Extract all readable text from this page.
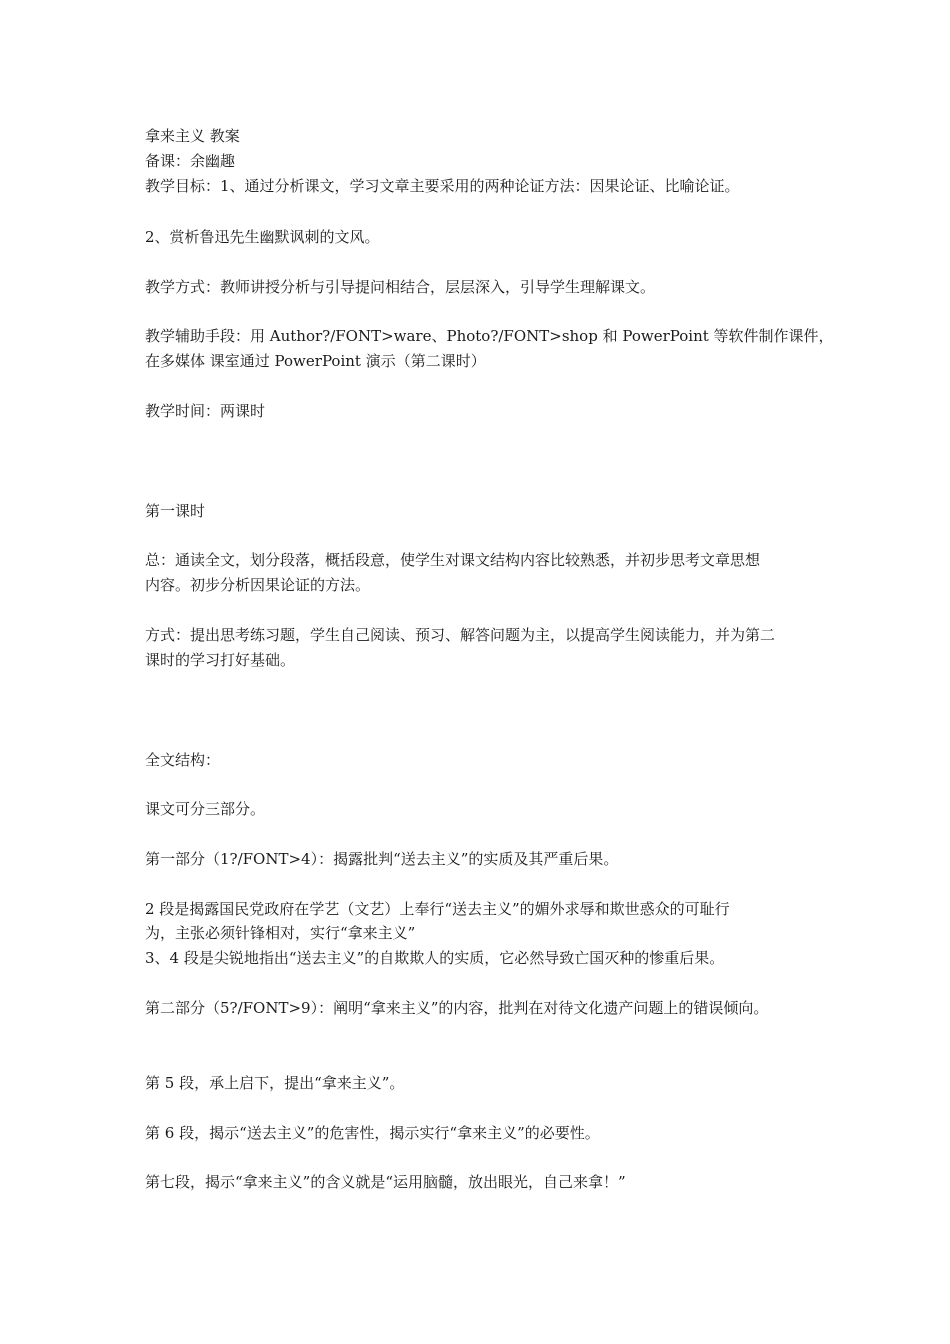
拿来主义 教案
备课：余幽趣
教学目标：1、通过分析课文，学习文章主要采用的两种论证方法：因果论证、比喻论证。
2、赏析鲁迅先生幽默讽刺的文风。
教学方式：教师讲授分析与引导提问相结合，层层深入，引导学生理解课文。
教学辅助手段：用 Author?/FONT>ware、Photo?/FONT>shop 和 PowerPoint 等软件制作课件，
在多媒体 课室通过 PowerPoint 演示（第二课时）
教学时间：两课时
第一课时
总：通读全文，划分段落，概括段意，使学生对课文结构内容比较熟悉，并初步思考文章思想
内容。初步分析因果论证的方法。
方式：提出思考练习题，学生自己阅读、预习、解答问题为主，以提高学生阅读能力，并为第二
课时的学习打好基础。
全文结构：
课文可分三部分。
第一部分（1?/FONT>4）：揭露批判“送去主义”的实质及其严重后果。
2 段是揭露国民党政府在学艺（文艺）上奉行“送去主义”的媚外求辱和欺世惑众的可耻行
为，主张必须针锋相对，实行“拿来主义”
3、4 段是尖锐地指出“送去主义”的自欺欺人的实质，它必然导致亡国灭种的惨重后果。
第二部分（5?/FONT>9）：阐明“拿来主义”的内容，批判在对待文化遗产问题上的错误倾向。
第 5 段，承上启下，提出“拿来主义”。
第 6 段，揭示“送去主义”的危害性，揭示实行“拿来主义”的必要性。
第七段，揭示“拿来主义”的含义就是“运用脑髓，放出眼光，自己来拿！”
